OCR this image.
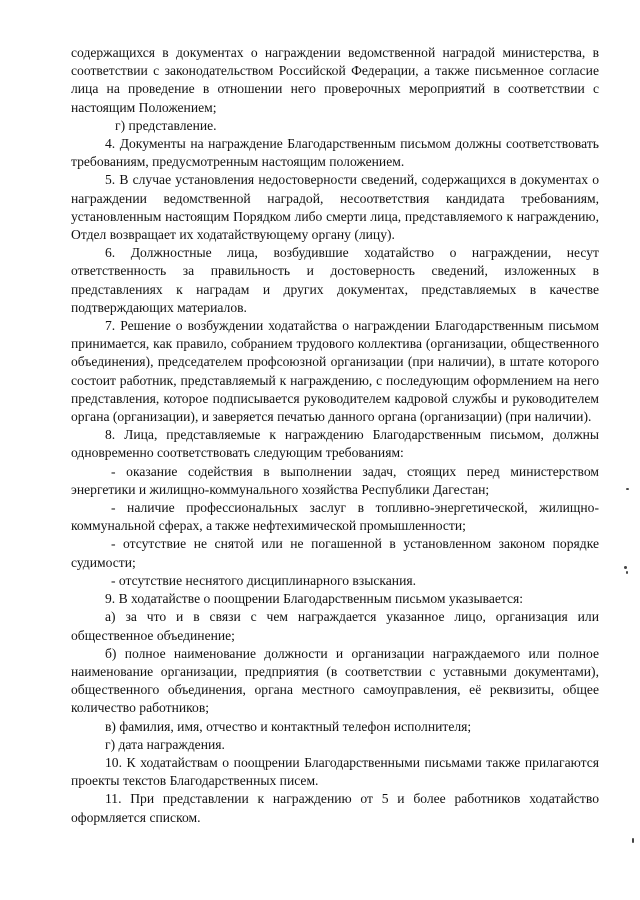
содержащихся в документах о награждении ведомственной наградой министерства, в соответствии с законодательством Российской Федерации, а также письменное согласие лица на проведение в отношении него проверочных мероприятий в соответствии с настоящим Положением;

г) представление.

4. Документы на награждение Благодарственным письмом должны соответствовать требованиям, предусмотренным настоящим положением.

5. В случае установления недостоверности сведений, содержащихся в документах о награждении ведомственной наградой, несоответствия кандидата требованиям, установленным настоящим Порядком либо смерти лица, представляемого к награждению, Отдел возвращает их ходатайствующему органу (лицу).

6. Должностные лица, возбудившие ходатайство о награждении, несут ответственность за правильность и достоверность сведений, изложенных в представлениях к наградам и других документах, представляемых в качестве подтверждающих материалов.

7. Решение о возбуждении ходатайства о награждении Благодарственным письмом принимается, как правило, собранием трудового коллектива (организации, общественного объединения), председателем профсоюзной организации (при наличии), в штате которого состоит работник, представляемый к награждению, с последующим оформлением на него представления, которое подписывается руководителем кадровой службы и руководителем органа (организации), и заверяется печатью данного органа (организации) (при наличии).

8. Лица, представляемые к награждению Благодарственным письмом, должны одновременно соответствовать следующим требованиям:

- оказание содействия в выполнении задач, стоящих перед министерством энергетики и жилищно-коммунального хозяйства Республики Дагестан;

- наличие профессиональных заслуг в топливно-энергетической, жилищно-коммунальной сферах, а также нефтехимической промышленности;

- отсутствие не снятой или не погашенной в установленном законом порядке судимости;

- отсутствие неснятого дисциплинарного взыскания.

9. В ходатайстве о поощрении Благодарственным письмом указывается:

а) за что и в связи с чем награждается указанное лицо, организация или общественное объединение;

б) полное наименование должности и организации награждаемого или полное наименование организации, предприятия (в соответствии с уставными документами), общественного объединения, органа местного самоуправления, её реквизиты, общее количество работников;

в) фамилия, имя, отчество и контактный телефон исполнителя;

г) дата награждения.

10. К ходатайствам о поощрении Благодарственными письмами также прилагаются проекты текстов Благодарственных писем.

11. При представлении к награждению от 5 и более работников ходатайство оформляется списком.
